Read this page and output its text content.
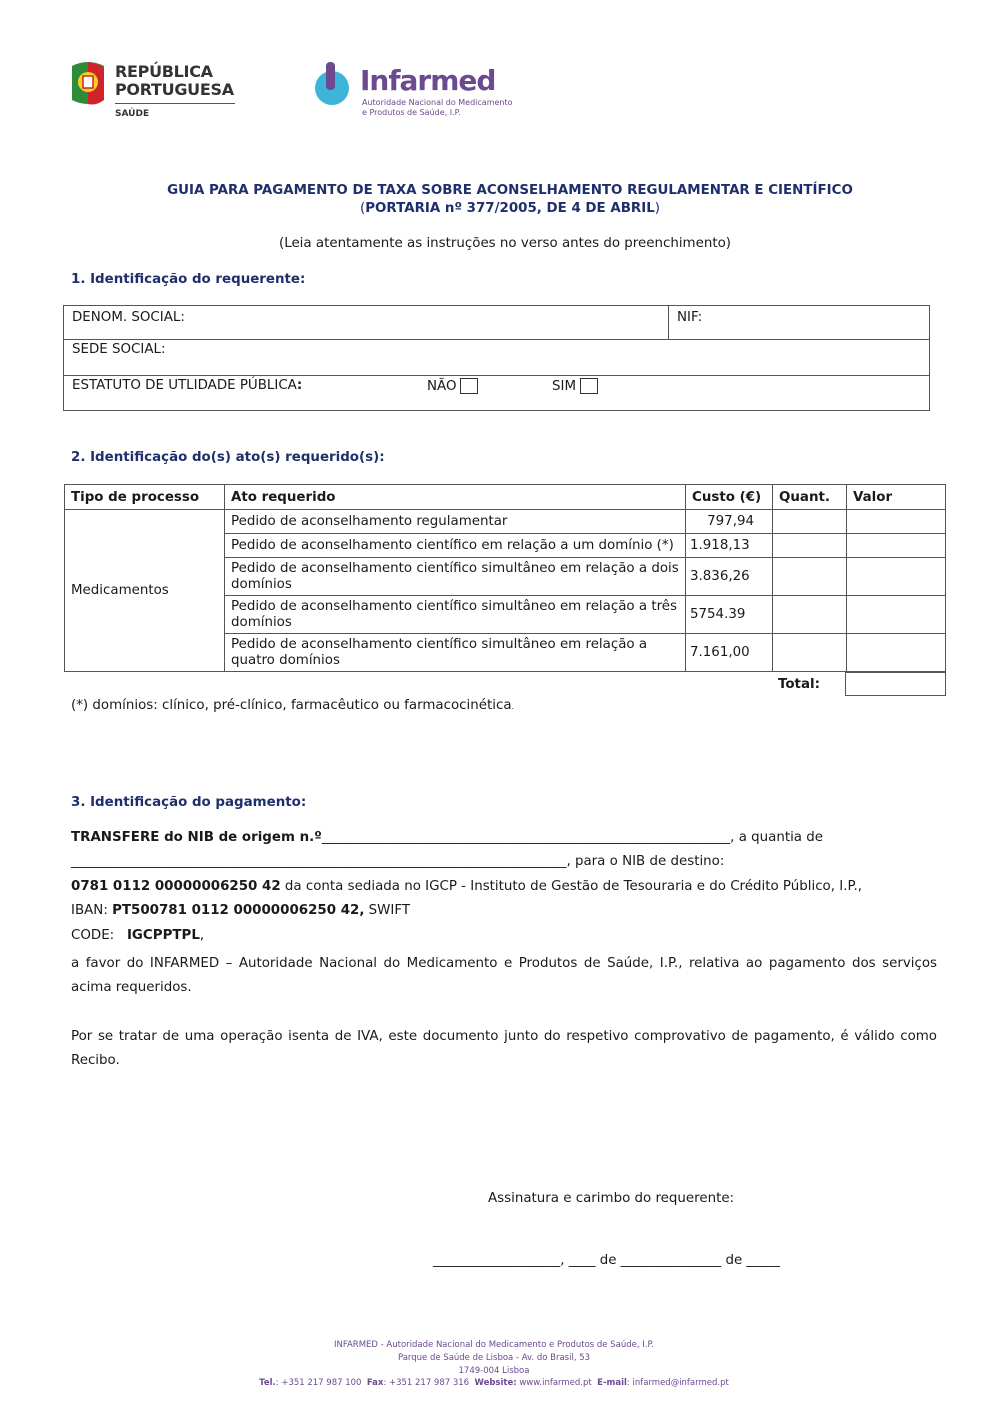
REPÚBLICA
PORTUGUESA
SAÚDE
Infarmed
Autoridade Nacional do Medicamento
e Produtos de Saúde, I.P.
GUIA PARA PAGAMENTO DE TAXA SOBRE ACONSELHAMENTO REGULAMENTAR E CIENTÍFICO
(PORTARIA nº 377/2005, DE 4 DE ABRIL)
(Leia atentamente as instruções no verso antes do preenchimento)
1. Identificação do requerente:
DENOM. SOCIAL:	NIF:
SEDE SOCIAL:
ESTATUTO DE UTLIDADE PÚBLICA:	NÃO	SIM
2. Identificação do(s) ato(s) requerido(s):
Tipo de processo	Ato requerido	Custo (€)	Quant.	Valor
Medicamentos	Pedido de aconselhamento regulamentar	797,94		
	Pedido de aconselhamento científico em relação a um domínio (*)	1.918,13		
	Pedido de aconselhamento científico simultâneo em relação a dois domínios	3.836,26		
	Pedido de aconselhamento científico simultâneo em relação a três domínios	5754.39		
	Pedido de aconselhamento científico simultâneo em relação a quatro domínios	7.161,00		
Total:
(*) domínios: clínico, pré-clínico, farmacêutico ou farmacocinética.
3. Identificação do pagamento:
TRANSFERE do NIB de origem n.º_____________________________________________________________, a quantia de
__________________________________________________________________________, para o NIB de destino:
0781 0112 00000006250 42 da conta sediada no IGCP - Instituto de Gestão de Tesouraria e do Crédito Público, I.P.,
IBAN: PT500781 0112 00000006250 42, SWIFT
CODE:   IGCPPTPL,
a favor do INFARMED – Autoridade Nacional do Medicamento e Produtos de Saúde, I.P., relativa ao pagamento dos serviços acima requeridos.
Por se tratar de uma operação isenta de IVA, este documento junto do respetivo comprovativo de pagamento, é válido como Recibo.
Assinatura e carimbo do requerente:
___________________, ____ de _______________ de _____
INFARMED - Autoridade Nacional do Medicamento e Produtos de Saúde, I.P.
Parque de Saúde de Lisboa - Av. do Brasil, 53
1749-004 Lisboa
Tel.: +351 217 987 100 Fax: +351 217 987 316 Website: www.infarmed.pt E-mail: infarmed@infarmed.pt
